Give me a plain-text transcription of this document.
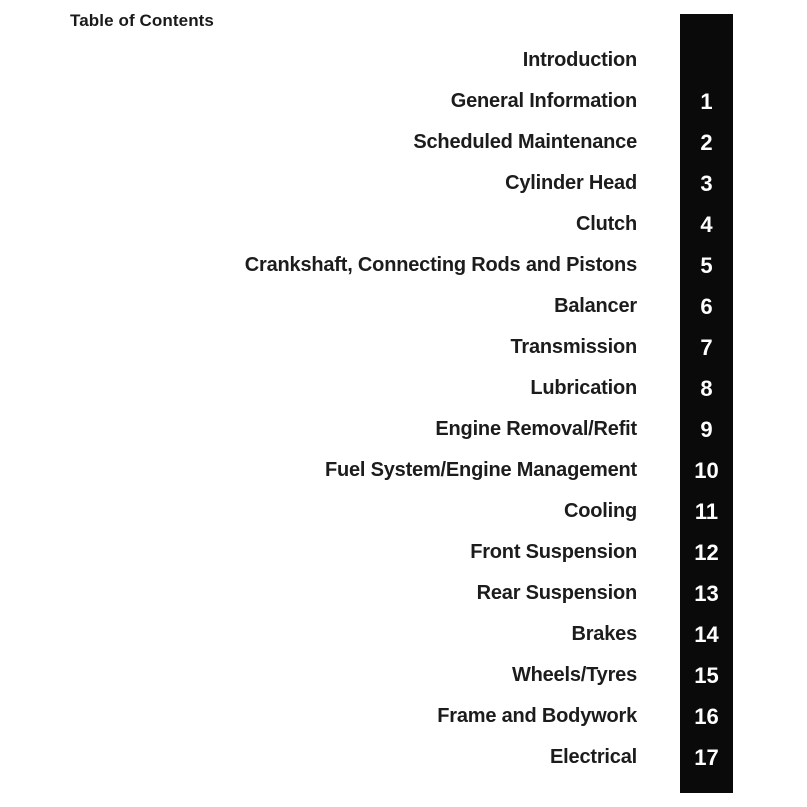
Table of Contents
Introduction
General Information	1
Scheduled Maintenance	2
Cylinder Head	3
Clutch	4
Crankshaft, Connecting Rods and Pistons	5
Balancer	6
Transmission	7
Lubrication	8
Engine Removal/Refit	9
Fuel System/Engine Management	10
Cooling	11
Front Suspension	12
Rear Suspension	13
Brakes	14
Wheels/Tyres	15
Frame and Bodywork	16
Electrical	17
